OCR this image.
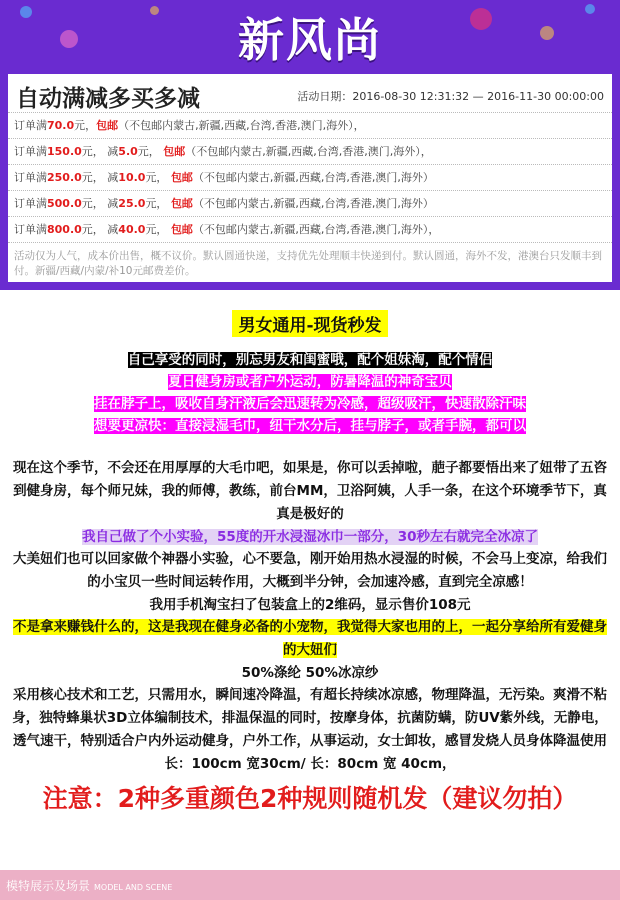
新风尚
自动满减多买多减	活动日期：2016-08-30 12:31:32 — 2016-11-30 00:00:00
订单满70.0元，包邮（不包邮内蒙古,新疆,西藏,台湾,香港,澳门,海外），
订单满150.0元， 减5.0元， 包邮（不包邮内蒙古,新疆,西藏,台湾,香港,澳门,海外），
订单满250.0元， 减10.0元， 包邮（不包邮内蒙古,新疆,西藏,台湾,香港,澳门,海外）
订单满500.0元， 减25.0元， 包邮（不包邮内蒙古,新疆,西藏,台湾,香港,澳门,海外）
订单满800.0元， 减40.0元， 包邮（不包邮内蒙古,新疆,西藏,台湾,香港,澳门,海外），
活动仅为人气，成本价出售，概不议价。默认圆通快递，支持优先处理顺丰快递到付。默认圆通，海外不发，港澳台只发顺丰到付。新疆/西藏/内蒙/补10元邮费差价。
男女通用-现货秒发
自己享受的同时，别忘男友和闺蜜哦，配个姐妹淘，配个情侣
夏日健身房或者户外运动，防暑降温的神奇宝贝
挂在脖子上，吸收自身汗液后会迅速转为冷感，超级吸汗，快速散除汗味
想要更凉快：直接浸湿毛巾，纽干水分后，挂与脖子，或者手腕，都可以

现在这个季节，不会还在用厚厚的大毛巾吧，如果是，你可以丢掉啦，萉子都要悟出来了妞带了五咨到健身房，每个师兄妹，我的师傅，教练，前台MM，卫浴阿姨，人手一条，在这个环境季节下，真真是极好的

我自己做了个小实验，55度的开水浸湿冰巾一部分，30秒左右就完全冰凉了

大美妞们也可以回家做个神器小实验，心不要急，刚开始用热水浸湿的时候，不会马上变凉，给我们的小宝贝一些时间运转作用，大概到半分钟，会加速冷感，直到完全凉感！

我用手机淘宝扫了包装盒上的2维码，显示售价108元

不是拿来赚钱什么的，这是我现在健身必备的小宠物，我觉得大家也用的上，一起分享给所有爱健身的大妞们

50%涤纶 50%冰凉纱

采用核心技术和工艺，只需用水，瞬间速冷降温，有超长持续冰凉感，物理降温，无污染。爽滑不粘身，独特蜂巢状3D立体编制技术，排温保温的同时，按摩身体，抗菌防螨，防UV紫外线，无静电，透气速干，特别适合户内外运动健身，户外工作，从事运动，女士卸妆，感冒发烧人员身体降温使用

长：100cm 宽30cm/ 长：80cm 宽 40cm，
注意：2种多重颜色2种规则随机发（建议勿拍）
模特展示及场景 MODEL AND SCENE
